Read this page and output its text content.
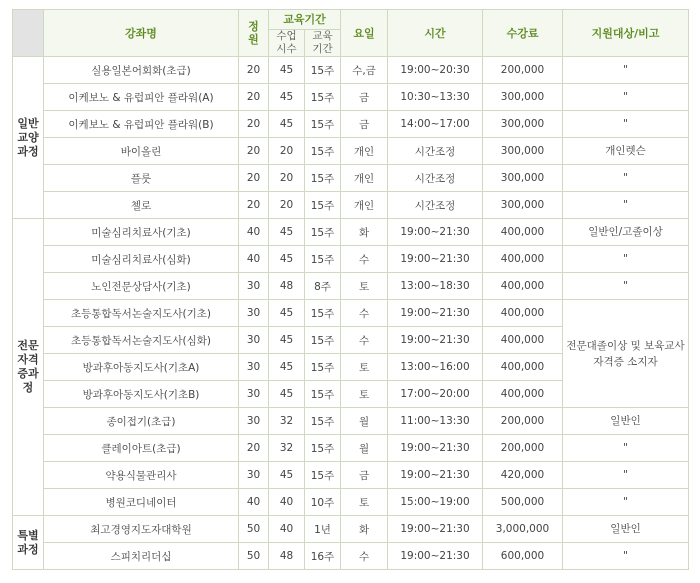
	강좌명	정원	교육기간		요일	시간	수강료	지원대상/비고
			수업시수	교육기간				
일반교양과정	실용일본어회화(초급)	20	45	15주	수,금	19:00~20:30	200,000	"
	이케보노 & 유럽피안 플라워(A)	20	45	15주	금	10:30~13:30	300,000	"
	이케보노 & 유럽피안 플라워(B)	20	45	15주	금	14:00~17:00	300,000	"
	바이올린	20	20	15주	개인	시간조정	300,000	개인렛슨
	플룻	20	20	15주	개인	시간조정	300,000	"
	첼로	20	20	15주	개인	시간조정	300,000	"
전문자격증과정	미술심리치료사(기초)	40	45	15주	화	19:00~21:30	400,000	일반인/고졸이상
	미술심리치료사(심화)	40	45	15주	수	19:00~21:30	400,000	"
	노인전문상담사(기초)	30	48	8주	토	13:00~18:30	400,000	"
	초등통합독서논술지도사(기초)	30	45	15주	수	19:00~21:30	400,000	전문대졸이상 및 보육교사자격증 소지자
	초등통합독서논술지도사(심화)	30	45	15주	수	19:00~21:30	400,000	
	방과후아동지도사(기초A)	30	45	15주	토	13:00~16:00	400,000	
	방과후아동지도사(기초B)	30	45	15주	토	17:00~20:00	400,000	
	종이접기(초급)	30	32	15주	월	11:00~13:30	200,000	일반인
	클레이아트(초급)	20	32	15주	월	19:00~21:30	200,000	"
	약용식물관리사	30	45	15주	금	19:00~21:30	420,000	"
	병원코디네이터	40	40	10주	토	15:00~19:00	500,000	"
특별과정	최고경영지도자대학원	50	40	1년	화	19:00~21:30	3,000,000	일반인
	스피치리더십	50	48	16주	수	19:00~21:30	600,000	"
